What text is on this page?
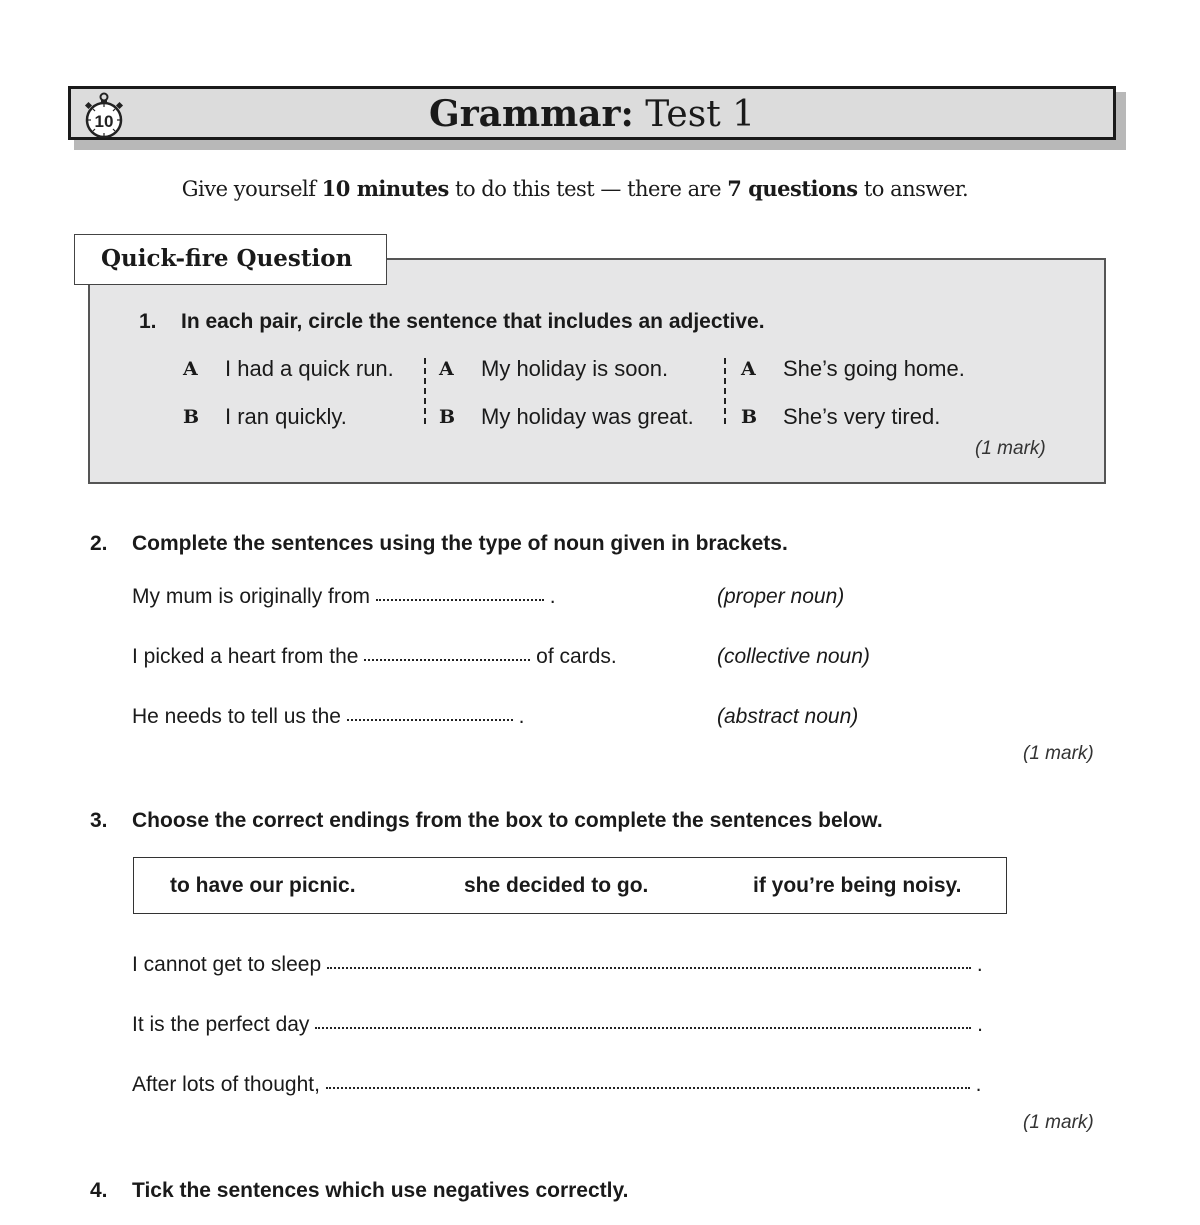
10	Grammar: Test 1
Give yourself 10 minutes to do this test — there are 7 questions to answer.
Quick-fire Question
1. In each pair, circle the sentence that includes an adjective.
A I had a quick run.
B I ran quickly.
A My holiday is soon.
B My holiday was great.
A She’s going home.
B She’s very tired.
(1 mark)
2. Complete the sentences using the type of noun given in brackets.
My mum is originally from	.	(proper noun)
I picked a heart from the	of cards.	(collective noun)
He needs to tell us the	.	(abstract noun)
(1 mark)
3. Choose the correct endings from the box to complete the sentences below.
to have our picnic.	she decided to go.	if you’re being noisy.
I cannot get to sleep	.
It is the perfect day	.
After lots of thought,	.
(1 mark)
4. Tick the sentences which use negatives correctly.
